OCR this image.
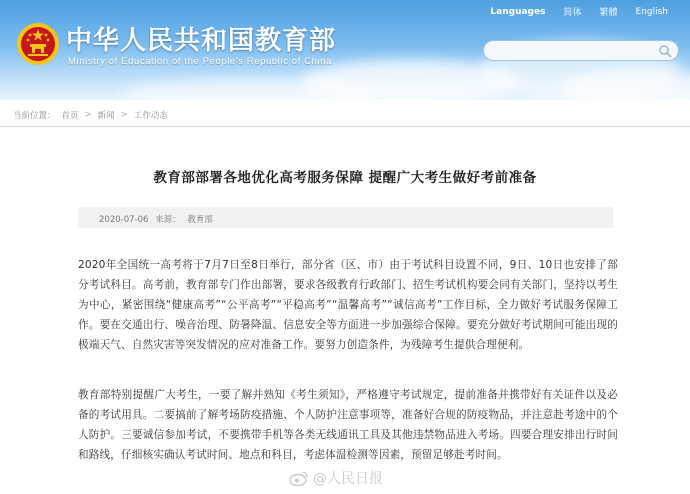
中华人民共和国教育部
Ministry of Education of the People's Republic of China
Languages 简体 繁體 English
当前位置： 首页 > 新闻 > 工作动态
教育部部署各地优化高考服务保障 提醒广大考生做好考前准备
2020-07-06 来源： 教育部

2020年全国统一高考将于7月7日至8日举行，部分省（区、市）由于考试科目设置不同，9日、10日也安排了部分考试科目。高考前，教育部专门作出部署，要求各级教育行政部门、招生考试机构要会同有关部门，坚持以考生为中心，紧密围绕“健康高考”“公平高考”“平稳高考”“温馨高考”“诚信高考”工作目标，全力做好考试服务保障工作。要在交通出行、噪音治理、防暑降温、信息安全等方面进一步加强综合保障。要充分做好考试期间可能出现的极端天气、自然灾害等突发情况的应对准备工作。要努力创造条件，为残障考生提供合理便利。

教育部特别提醒广大考生，一要了解并熟知《考生须知》，严格遵守考试规定，提前准备并携带好有关证件以及必备的考试用具。二要搞前了解考场防疫措施、个人防护注意事项等，准备好合规的防疫物品，并注意赴考途中的个人防护。三要诚信参加考试，不要携带手机等各类无线通讯工具及其他违禁物品进入考场。四要合理安排出行时间和路线，仔细核实确认考试时间、地点和科目，考虑体温检测等因素，预留足够赴考时间。

@人民日报
